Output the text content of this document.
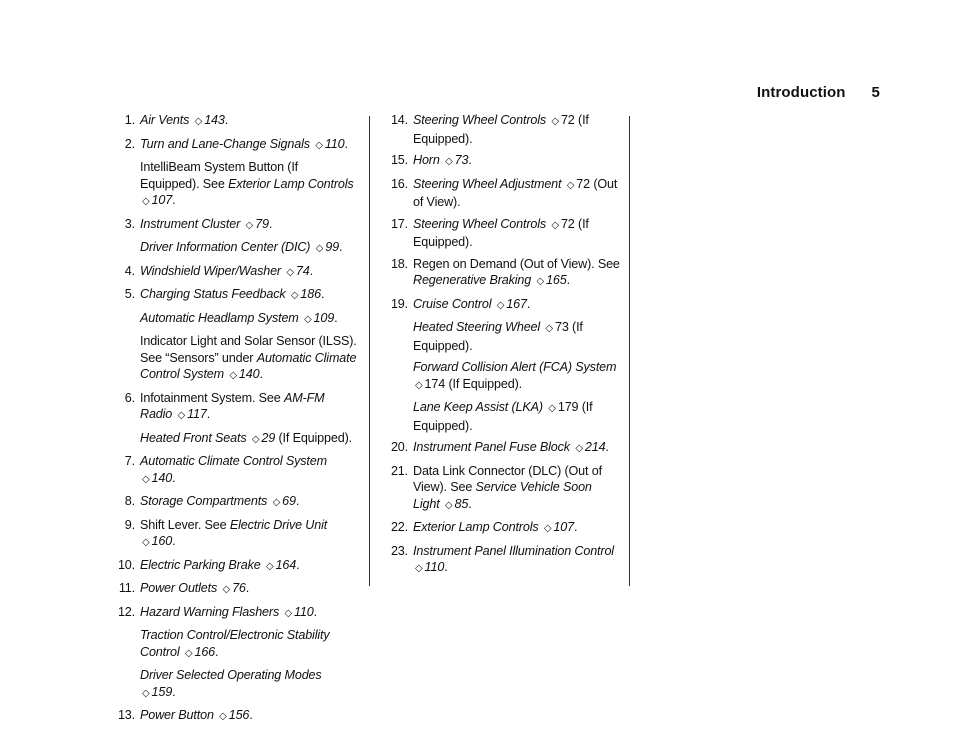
Introduction 5
1. Air Vents ◇ 143.
2. Turn and Lane-Change Signals ◇ 110.
IntelliBeam System Button (If Equipped). See Exterior Lamp Controls ◇ 107.
3. Instrument Cluster ◇ 79.
Driver Information Center (DIC) ◇ 99.
4. Windshield Wiper/Washer ◇ 74.
5. Charging Status Feedback ◇ 186.
Automatic Headlamp System ◇ 109.
Indicator Light and Solar Sensor (ILSS). See “Sensors” under Automatic Climate Control System ◇ 140.
6. Infotainment System. See AM-FM Radio ◇ 117.
Heated Front Seats ◇ 29 (If Equipped).
7. Automatic Climate Control System ◇ 140.
8. Storage Compartments ◇ 69.
9. Shift Lever. See Electric Drive Unit ◇ 160.
10. Electric Parking Brake ◇ 164.
11. Power Outlets ◇ 76.
12. Hazard Warning Flashers ◇ 110.
Traction Control/Electronic Stability Control ◇ 166.
Driver Selected Operating Modes ◇ 159.
13. Power Button ◇ 156.
14. Steering Wheel Controls ◇ 72 (If Equipped).
15. Horn ◇ 73.
16. Steering Wheel Adjustment ◇ 72 (Out of View).
17. Steering Wheel Controls ◇ 72 (If Equipped).
18. Regen on Demand (Out of View). See Regenerative Braking ◇ 165.
19. Cruise Control ◇ 167.
Heated Steering Wheel ◇ 73 (If Equipped).
Forward Collision Alert (FCA) System ◇ 174 (If Equipped).
Lane Keep Assist (LKA) ◇ 179 (If Equipped).
20. Instrument Panel Fuse Block ◇ 214.
21. Data Link Connector (DLC) (Out of View). See Service Vehicle Soon Light ◇ 85.
22. Exterior Lamp Controls ◇ 107.
23. Instrument Panel Illumination Control ◇ 110.
